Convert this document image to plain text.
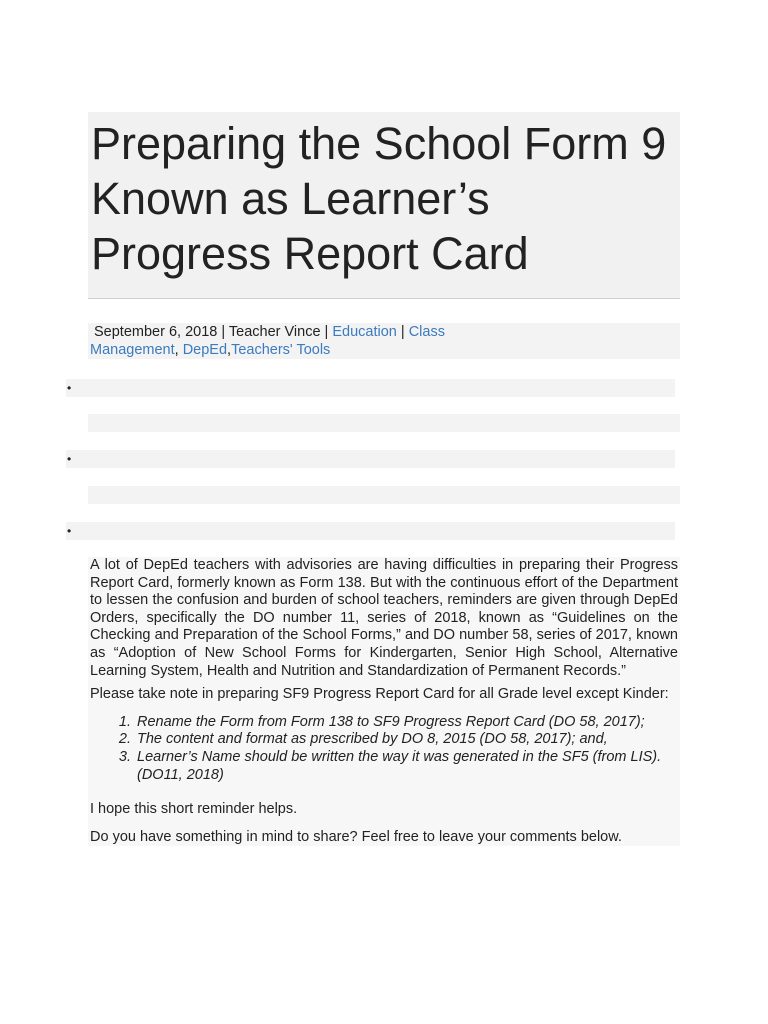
Preparing the School Form 9 Known as Learner’s Progress Report Card
September 6, 2018 | Teacher Vince | Education | Class
Management, DepEd,Teachers' Tools
•
•
•

A lot of DepEd teachers with advisories are having difficulties in preparing their Progress Report Card, formerly known as Form 138. But with the continuous effort of the Department to lessen the confusion and burden of school teachers, reminders are given through DepEd Orders, specifically the DO number 11, series of 2018, known as “Guidelines on the Checking and Preparation of the School Forms,” and DO number 58, series of 2017, known as “Adoption of New School Forms for Kindergarten, Senior High School, Alternative Learning System, Health and Nutrition and Standardization of Permanent Records.”

Please take note in preparing SF9 Progress Report Card for all Grade level except Kinder:

1. Rename the Form from Form 138 to SF9 Progress Report Card (DO 58, 2017);
2. The content and format as prescribed by DO 8, 2015 (DO 58, 2017); and,
3. Learner’s Name should be written the way it was generated in the SF5 (from LIS). (DO11, 2018)

I hope this short reminder helps.

Do you have something in mind to share? Feel free to leave your comments below.
